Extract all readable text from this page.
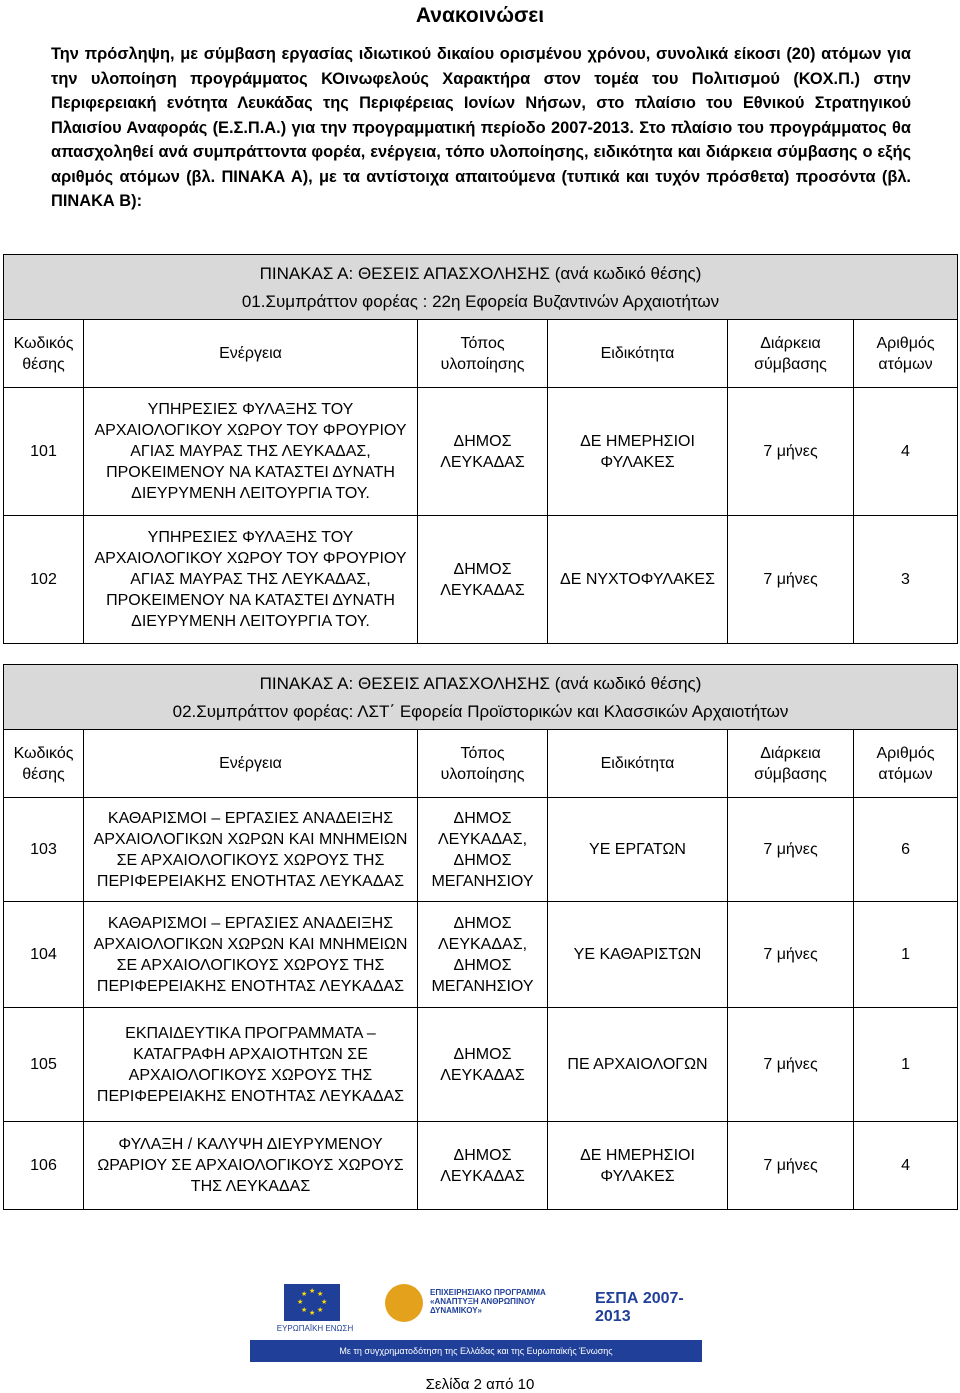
Ανακοινώσει
Την πρόσληψη, με σύμβαση εργασίας ιδιωτικού δικαίου ορισμένου χρόνου, συνολικά είκοσι (20) ατόμων για την υλοποίηση προγράμματος ΚΟινωφελούς Χαρακτήρα στον τομέα του Πολιτισμού (ΚΟΧ.Π.) στην Περιφερειακή ενότητα Λευκάδας της Περιφέρειας Ιονίων Νήσων, στο πλαίσιο του Εθνικού Στρατηγικού Πλαισίου Αναφοράς (Ε.Σ.Π.Α.) για την προγραμματική περίοδο 2007-2013. Στο πλαίσιο του προγράμματος θα απασχοληθεί ανά συμπράττοντα φορέα, ενέργεια, τόπο υλοποίησης, ειδικότητα και διάρκεια σύμβασης ο εξής αριθμός ατόμων (βλ. ΠΙΝΑΚΑ Α), με τα αντίστοιχα απαιτούμενα (τυπικά και τυχόν πρόσθετα) προσόντα (βλ. ΠΙΝΑΚΑ Β):
ΠΙΝΑΚΑΣ Α: ΘΕΣΕΙΣ ΑΠΑΣΧΟΛΗΣΗΣ (ανά κωδικό θέσης)
01.Συμπράττον φορέας : 22η Εφορεία Βυζαντινών Αρχαιοτήτων					

Κωδικός θέσης	Ενέργεια	Τόπος υλοποίησης	Ειδικότητα	Διάρκεια σύμβασης	Αριθμός ατόμων
101	ΥΠΗΡΕΣΙΕΣ ΦΥΛΑΞΗΣ ΤΟΥ ΑΡΧΑΙΟΛΟΓΙΚΟΥ ΧΩΡΟΥ ΤΟΥ ΦΡΟΥΡΙΟΥ ΑΓΙΑΣ ΜΑΥΡΑΣ ΤΗΣ ΛΕΥΚΑΔΑΣ, ΠΡΟΚΕΙΜΕΝΟΥ ΝΑ ΚΑΤΑΣΤΕΙ ΔΥΝΑΤΗ ΔΙΕΥΡΥΜΕΝΗ ΛΕΙΤΟΥΡΓΙΑ ΤΟΥ.	ΔΗΜΟΣ ΛΕΥΚΑΔΑΣ	ΔΕ ΗΜΕΡΗΣΙΟΙ ΦΥΛΑΚΕΣ	7 μήνες	4
102	ΥΠΗΡΕΣΙΕΣ ΦΥΛΑΞΗΣ ΤΟΥ ΑΡΧΑΙΟΛΟΓΙΚΟΥ ΧΩΡΟΥ ΤΟΥ ΦΡΟΥΡΙΟΥ ΑΓΙΑΣ ΜΑΥΡΑΣ ΤΗΣ ΛΕΥΚΑΔΑΣ, ΠΡΟΚΕΙΜΕΝΟΥ ΝΑ ΚΑΤΑΣΤΕΙ ΔΥΝΑΤΗ ΔΙΕΥΡΥΜΕΝΗ ΛΕΙΤΟΥΡΓΙΑ ΤΟΥ.	ΔΗΜΟΣ ΛΕΥΚΑΔΑΣ	ΔΕ ΝΥΧΤΟΦΥΛΑΚΕΣ	7 μήνες	3
ΠΙΝΑΚΑΣ Α: ΘΕΣΕΙΣ ΑΠΑΣΧΟΛΗΣΗΣ (ανά κωδικό θέσης)
02.Συμπράττον φορέας: ΛΣΤ΄ Εφορεία Προϊστορικών και Κλασσικών Αρχαιοτήτων					

Κωδικός θέσης	Ενέργεια	Τόπος υλοποίησης	Ειδικότητα	Διάρκεια σύμβασης	Αριθμός ατόμων
103	ΚΑΘΑΡΙΣΜΟΙ – ΕΡΓΑΣΙΕΣ ΑΝΑΔΕΙΞΗΣ ΑΡΧΑΙΟΛΟΓΙΚΩΝ ΧΩΡΩΝ ΚΑΙ ΜΝΗΜΕΙΩΝ ΣΕ ΑΡΧΑΙΟΛΟΓΙΚΟΥΣ ΧΩΡΟΥΣ ΤΗΣ ΠΕΡΙΦΕΡΕΙΑΚΗΣ ΕΝΟΤΗΤΑΣ ΛΕΥΚΑΔΑΣ	ΔΗΜΟΣ ΛΕΥΚΑΔΑΣ, ΔΗΜΟΣ ΜΕΓΑΝΗΣΙΟΥ	ΥΕ ΕΡΓΑΤΩΝ	7 μήνες	6
104	ΚΑΘΑΡΙΣΜΟΙ – ΕΡΓΑΣΙΕΣ ΑΝΑΔΕΙΞΗΣ ΑΡΧΑΙΟΛΟΓΙΚΩΝ ΧΩΡΩΝ ΚΑΙ ΜΝΗΜΕΙΩΝ ΣΕ ΑΡΧΑΙΟΛΟΓΙΚΟΥΣ ΧΩΡΟΥΣ ΤΗΣ ΠΕΡΙΦΕΡΕΙΑΚΗΣ ΕΝΟΤΗΤΑΣ ΛΕΥΚΑΔΑΣ	ΔΗΜΟΣ ΛΕΥΚΑΔΑΣ, ΔΗΜΟΣ ΜΕΓΑΝΗΣΙΟΥ	ΥΕ ΚΑΘΑΡΙΣΤΩΝ	7 μήνες	1
105	ΕΚΠΑΙΔΕΥΤΙΚΑ ΠΡΟΓΡΑΜΜΑΤΑ – ΚΑΤΑΓΡΑΦΗ ΑΡΧΑΙΟΤΗΤΩΝ ΣΕ ΑΡΧΑΙΟΛΟΓΙΚΟΥΣ ΧΩΡΟΥΣ ΤΗΣ ΠΕΡΙΦΕΡΕΙΑΚΗΣ ΕΝΟΤΗΤΑΣ ΛΕΥΚΑΔΑΣ	ΔΗΜΟΣ ΛΕΥΚΑΔΑΣ	ΠΕ ΑΡΧΑΙΟΛΟΓΩΝ	7 μήνες	1
106	ΦΥΛΑΞΗ / ΚΑΛΥΨΗ ΔΙΕΥΡΥΜΕΝΟΥ ΩΡΑΡΙΟΥ ΣΕ ΑΡΧΑΙΟΛΟΓΙΚΟΥΣ ΧΩΡΟΥΣ ΤΗΣ ΛΕΥΚΑΔΑΣ	ΔΗΜΟΣ ΛΕΥΚΑΔΑΣ	ΔΕ ΗΜΕΡΗΣΙΟΙ ΦΥΛΑΚΕΣ	7 μήνες	4
★ ★
★
★
★
★
★
★
ΕΥΡΩΠΑΪΚΗ ΕΝΩΣΗ
ΕΠΙΧΕΙΡΗΣΙΑΚΟ ΠΡΟΓΡΑΜΜΑ «ΑΝΑΠΤΥΞΗ ΑΝΘΡΩΠΙΝΟΥ ΔΥΝΑΜΙΚΟΥ»
ΕΣΠΑ 2007-2013
Με τη συγχρηματοδότηση της Ελλάδας και της Ευρωπαϊκής Ένωσης
Σελίδα 2 από 10
